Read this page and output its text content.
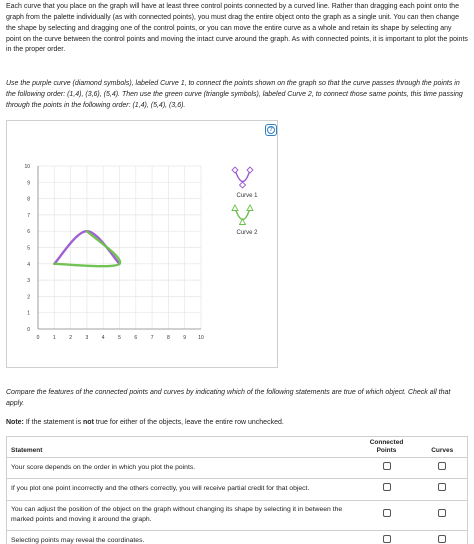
Each curve that you place on the graph will have at least three control points connected by a curved line. Rather than dragging each point onto the graph from the palette individually (as with connected points), you must drag the entire object onto the graph as a single unit. You can then change the shape by selecting and dragging one of the control points, or you can move the entire curve as a whole and retain its shape by selecting any point on the curve between the control points and moving the intact curve around the graph. As with connected points, it is important to plot the points in the proper order.

Use the purple curve (diamond symbols), labeled Curve 1, to connect the points shown on the graph so that the curve passes through the points in the following order: (1,4), (3,6), (5,4). Then use the green curve (triangle symbols), labeled Curve 2, to connect those same points, this time passing through the points in the following order: (1,4), (5,4), (3,6).

?
0	1	2	3	4	5	6	7	8	9 10
0
1
2
3
4
5
6
7
8
9
10
Curve 1
Curve 2

Compare the features of the connected points and curves by indicating which of the following statements are true of which object. Check all that apply.

Note: If the statement is not true for either of the objects, leave the entire row unchecked.

Statement	Connected Points	Curves
Your score depends on the order in which you plot the points.		
If you plot one point incorrectly and the others correctly, you will receive partial credit for that object.		
You can adjust the position of the object on the graph without changing its shape by selecting it in between the marked points and moving it around the graph.		
Selecting points may reveal the coordinates.		
